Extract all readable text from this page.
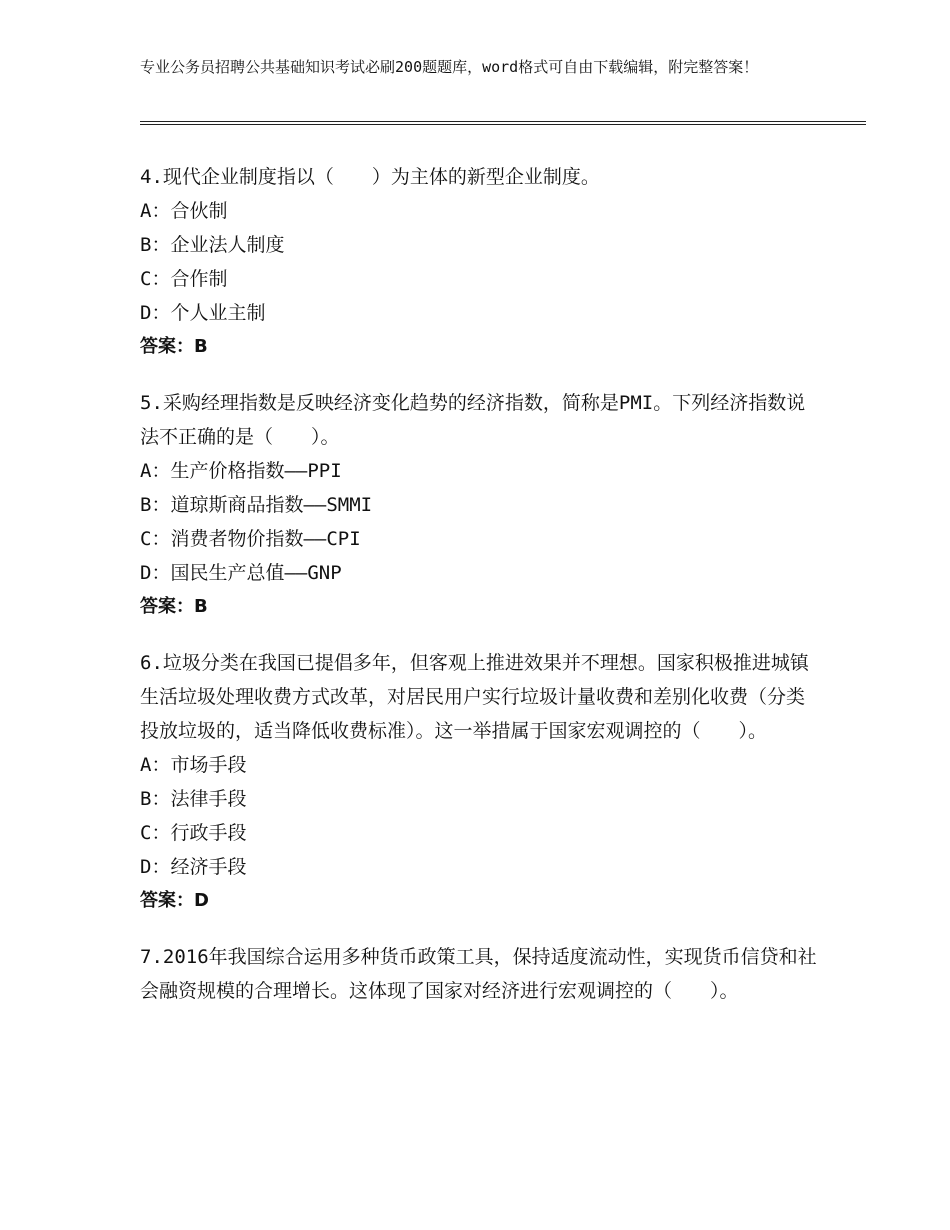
专业公务员招聘公共基础知识考试必刷200题题库，word格式可自由下载编辑，附完整答案！
4.现代企业制度指以（　　）为主体的新型企业制度。
A：合伙制
B：企业法人制度
C：合作制
D：个人业主制
答案：B
5.采购经理指数是反映经济变化趋势的经济指数，简称是PMI。下列经济指数说法不正确的是（　　）。
A：生产价格指数——PPI
B：道琼斯商品指数——SMMI
C：消费者物价指数——CPI
D：国民生产总值——GNP
答案：B
6.垃圾分类在我国已提倡多年，但客观上推进效果并不理想。国家积极推进城镇生活垃圾处理收费方式改革，对居民用户实行垃圾计量收费和差别化收费（分类投放垃圾的，适当降低收费标准）。这一举措属于国家宏观调控的（　　）。
A：市场手段
B：法律手段
C：行政手段
D：经济手段
答案：D
7.2016年我国综合运用多种货币政策工具，保持适度流动性，实现货币信贷和社会融资规模的合理增长。这体现了国家对经济进行宏观调控的（　　）。
